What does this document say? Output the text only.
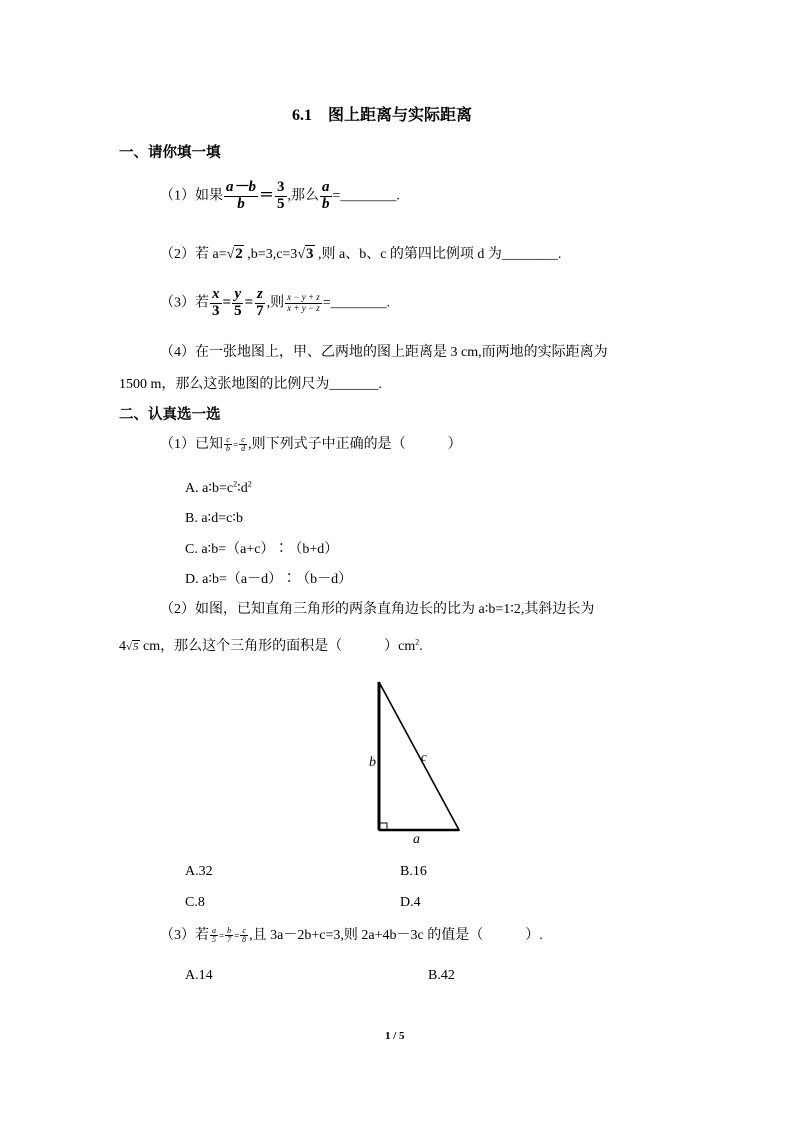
6.1　图上距离与实际距离
一、请你填一填
（1）如果 $\frac{a-b}{b} = \frac{3}{5}$ ,那么 $\frac{a}{b}$ =________.
（2）若 a=√2 ,b=3,c=3√3 ,则 a、b、c 的第四比例项 d 为________.
（3）若 $\frac{x}{3} = \frac{y}{5} = \frac{z}{7}$ ,则 $\frac{x - y + z}{x + y - z}$ =________.
（4）在一张地图上，甲、乙两地的图上距离是 3 cm,而两地的实际距离为
1500 m，那么这张地图的比例尺为_______.
二、认真选一选
（1）已知 $\frac{c}{b} = \frac{c}{d}$ ,则下列式子中正确的是（　　　）
A. $a∶b=c^2∶d^2$
B. a∶d=c∶b
C. a∶b=（a+c）∶（b+d）
D. a∶b=（a－d）∶（b－d）
（2）如图，已知直角三角形的两条直角边长的比为 a∶b=1∶2,其斜边长为
4√5 cm，那么这个三角形的面积是（　　　）$cm^2$.
b	c
a
A.32	B.16
C.8	D.4
（3）若 $\frac{a}{5} = \frac{b}{7} = \frac{c}{8}$ ,且 3a－2b+c=3,则 2a+4b－3c 的值是（　　　）.
A.14	B.42
1 / 5
